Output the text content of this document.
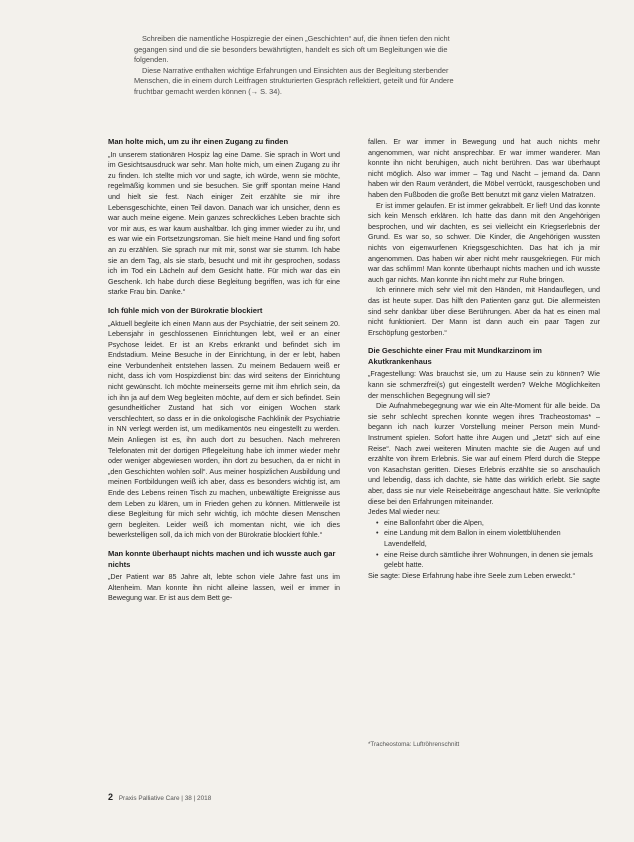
Schreiben die namentliche Hospizregie der einen „Geschichten“ auf, die ihnen tiefen den nicht gegangen sind und die sie besonders bewährtigten, handelt es sich oft um Begleitungen wie die folgenden.

Diese Narrative enthalten wichtige Erfahrungen und Einsichten aus der Begleitung sterbender Menschen, die in einem durch Leitfragen strukturierten Gespräch reflektiert, geteilt und für Andere fruchtbar gemacht werden können (→ S. 34).

Man holte mich, um zu ihr einen Zugang zu finden

„In unserem stationären Hospiz lag eine Dame. Sie sprach in Wort und im Gesichtsausdruck war sehr. Man holte mich, um einen Zugang zu ihr zu finden. Ich stellte mich vor und sagte, ich würde, wenn sie möchte, regelmäßig kommen und sie besuchen. Sie griff spontan meine Hand und hielt sie fest. Nach einiger Zeit erzählte sie mir ihre Lebensgeschichte, einen Teil davon. Danach war ich unsicher, denn es war auch meine eigene. Mein ganzes schreckliches Leben brachte sich vor mir aus, es war kaum aushaltbar. Ich ging immer wieder zu ihr, und es war wie ein Fortsetzungsroman. Sie hielt meine Hand und fing sofort an zu erzählen. Sie sprach nur mit mir, sonst war sie stumm. Ich habe sie an dem Tag, als sie starb, besucht und mit ihr gesprochen, sodass ich im Tod ein Lächeln auf dem Gesicht hatte. Für mich war das ein Geschenk. Ich habe durch diese Begleitung begriffen, was ich für eine starke Frau bin. Danke.“

Ich fühle mich von der Bürokratie blockiert

„Aktuell begleite ich einen Mann aus der Psychiatrie, der seit seinem 20. Lebensjahr in geschlossenen Einrichtungen lebt, weil er an einer Psychose leidet. Er ist an Krebs erkrankt und befindet sich im Endstadium. Meine Besuche in der Einrichtung, in der er lebt, haben eine Verbundenheit entstehen lassen. Zu meinem Bedauern weiß er nicht, dass ich vom Hospizdienst bin: das wird seitens der Einrichtung nicht gewünscht. Ich möchte meinerseits gerne mit ihm ehrlich sein, da ich ihn ja auf dem Weg begleiten möchte, auf dem er sich befindet. Sein gesundheitlicher Zustand hat sich vor einigen Wochen stark verschlechtert, so dass er in die onkologische Fachklinik der Psychiatrie in NN verlegt werden ist, um medikamentös neu eingestellt zu werden. Mein Anliegen ist es, ihn auch dort zu besuchen. Nach mehreren Telefonaten mit der dortigen Pflegeleitung habe ich immer wieder mehr oder weniger abgewiesen worden, ihn dort zu besuchen, da er nicht in „den Geschichten wohlen soll“. Aus meiner hospizlichen Ausbildung und meinen Fortbildungen weiß ich aber, dass es besonders wichtig ist, am Ende des Lebens reinen Tisch zu machen, unbewältigte Ereignisse aus dem Leben zu klären, um in Frieden gehen zu können. Mittlerweile ist diese Begleitung für mich sehr wichtig, ich möchte diesen Menschen gern begleiten. Leider weiß ich momentan nicht, wie ich dies bewerkstelligen soll, da ich mich von der Bürokratie blockiert fühle.“

Man konnte überhaupt nichts machen und ich wusste auch gar nichts

„Der Patient war 85 Jahre alt, lebte schon viele Jahre fast uns im Altenheim. Man konnte ihn nicht alleine lassen, weil er immer in Bewegung war. Er ist aus dem Bett ge-

fallen. Er war immer in Bewegung und hat auch nichts mehr angenommen, war nicht ansprechbar. Er war immer wanderer. Man konnte ihn nicht beruhigen, auch nicht berühren. Das war überhaupt nicht möglich. Also war immer – Tag und Nacht – jemand da. Dann haben wir den Raum verändert, die Möbel verrückt, rausgeschoben und haben den Fußboden die große Bett benutzt mit ganz vielen Matratzen.

Er ist immer gelaufen. Er ist immer gekrabbelt. Er lief! Und das konnte sich kein Mensch erklären. Ich hatte das dann mit den Angehörigen besprochen, und wir dachten, es sei vielleicht ein Kriegserlebnis der Grund. Es war so, so schwer. Die Kinder, die Angehörigen wussten nichts von eigenwurfenen Kriegsgeschichten. Das hat ich ja mir angenommen. Das haben wir aber nicht mehr rausgekriegen. Für mich war das schlimm! Man konnte überhaupt nichts machen und ich wusste auch gar nichts. Man konnte ihn nicht mehr zur Ruhe bringen.

Ich erinnere mich sehr viel mit den Händen, mit Handauflegen, und das ist heute super. Das hilft den Patienten ganz gut. Die allermeisten sind sehr dankbar über diese Berührungen. Aber da hat es einen mal nicht funktioniert. Der Mann ist dann auch ein paar Tagen zur Erschöpfung gestorben.“

Die Geschichte einer Frau mit Mundkarzinom im Akutkrankenhaus

„Fragestellung: Was brauchst sie, um zu Hause sein zu können? Wie kann sie schmerzfrei(s) gut eingestellt werden? Welche Möglichkeiten der menschlichen Begegnung will sie?

Die Aufnahmebegegnung war wie ein Alte-Moment für alle beide. Da sie sehr schlecht sprechen konnte wegen ihres Tracheostomas* – begann ich nach kurzer Vorstellung meiner Person mein Mund-Instrument spielen. Sofort hatte ihre Augen und „Jetzt“ sich auf eine Reise“. Nach zwei weiteren Minuten machte sie die Augen auf und erzählte von ihrem Erlebnis. Sie war auf einem Pferd durch die Steppe von Kasachstan geritten. Dieses Erlebnis erzählte sie so anschaulich und lebendig, dass ich dachte, sie hätte das wirklich erlebt. Sie sagte aber, dass sie nur viele Reisebeiträge angeschaut hätte. Sie verknüpfte diese bei den Erfahrungen miteinander.

Jedes Mal wieder neu:

• eine Ballonfahrt über die Alpen,
• eine Landung mit dem Ballon in einem violettblühenden Lavendelfeld,
• eine Reise durch sämtliche ihrer Wohnungen, in denen sie jemals gelebt hatte.

Sie sagte: Diese Erfahrung habe ihre Seele zum Leben erweckt.“

*Tracheostoma: Luftröhrenschnitt
2 Praxis Palliative Care | 38 | 2018
